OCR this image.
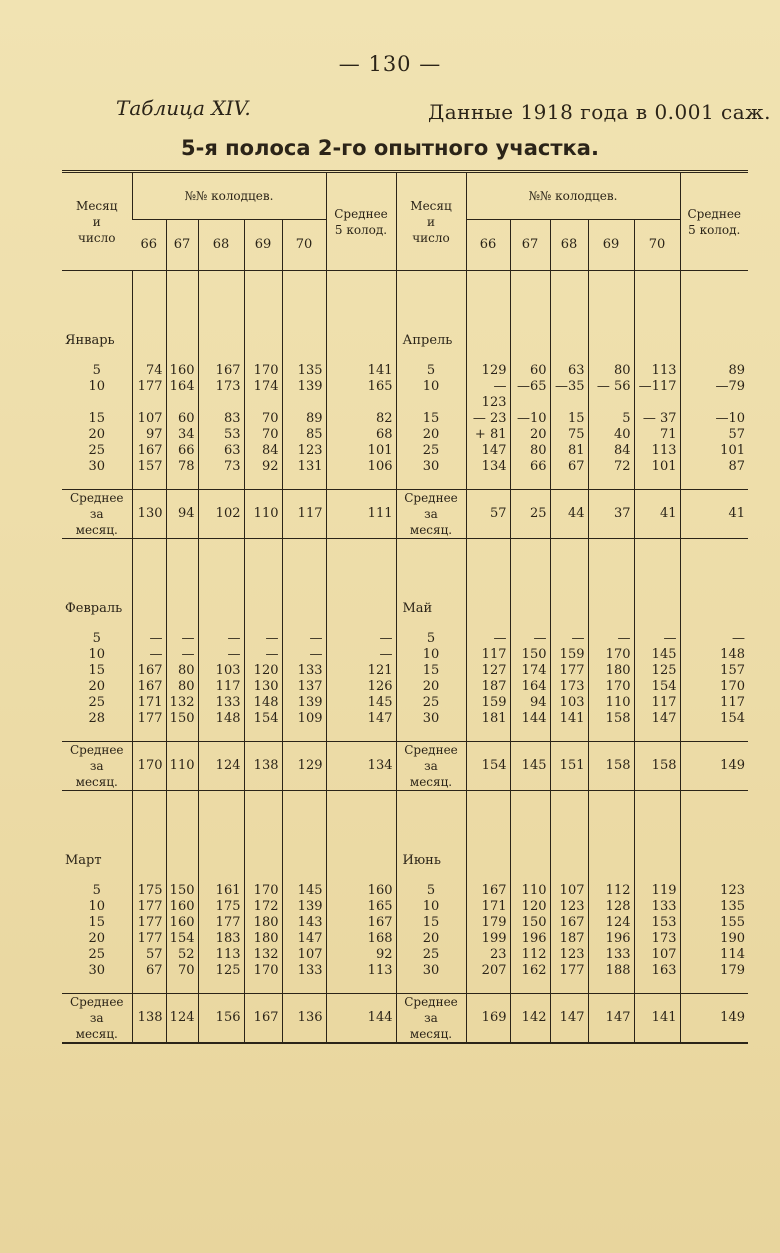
— 130 —
Таблица XIV.	Данные 1918 года в 0.001 саж.
5-я полоса 2-го опытного участка.
Месяц
и
число	№№ колодцев.					Среднее
5 колод.	Месяц
и
число	№№ колодцев.					Среднее
5 колод.
	66	67	68	69	70			66	67	68	69	70	

Январь							Апрель						

5	74	160	167	170	135	141	5	129	60	63	80	113	89
10	177	164	173	174	139	165	10	—123	—65	—35	— 56	—117	—79
15	107	60	83	70	89	82	15	— 23	—10	15	5	— 37	—10
20	97	34	53	70	85	68	20	+ 81	20	75	40	71	57
25	167	66	63	84	123	101	25	147	80	81	84	113	101
30	157	78	73	92	131	106	30	134	66	67	72	101	87

Среднее
за
месяц.	130	94	102	110	117	111	Среднее
за
месяц.	57	25	44	37	41	41

Февраль							Май						

5	—	—	—	—	—	—	5	—	—	—	—	—	—
10	—	—	—	—	—	—	10	117	150	159	170	145	148
15	167	80	103	120	133	121	15	127	174	177	180	125	157
20	167	80	117	130	137	126	20	187	164	173	170	154	170
25	171	132	133	148	139	145	25	159	94	103	110	117	117
28	177	150	148	154	109	147	30	181	144	141	158	147	154

Среднее
за
месяц.	170	110	124	138	129	134	Среднее
за
месяц.	154	145	151	158	158	149

Март							Июнь						

5	175	150	161	170	145	160	5	167	110	107	112	119	123
10	177	160	175	172	139	165	10	171	120	123	128	133	135
15	177	160	177	180	143	167	15	179	150	167	124	153	155
20	177	154	183	180	147	168	20	199	196	187	196	173	190
25	57	52	113	132	107	92	25	23	112	123	133	107	114
30	67	70	125	170	133	113	30	207	162	177	188	163	179

Среднее
за
месяц.	138	124	156	167	136	144	Среднее
за
месяц.	169	142	147	147	141	149
